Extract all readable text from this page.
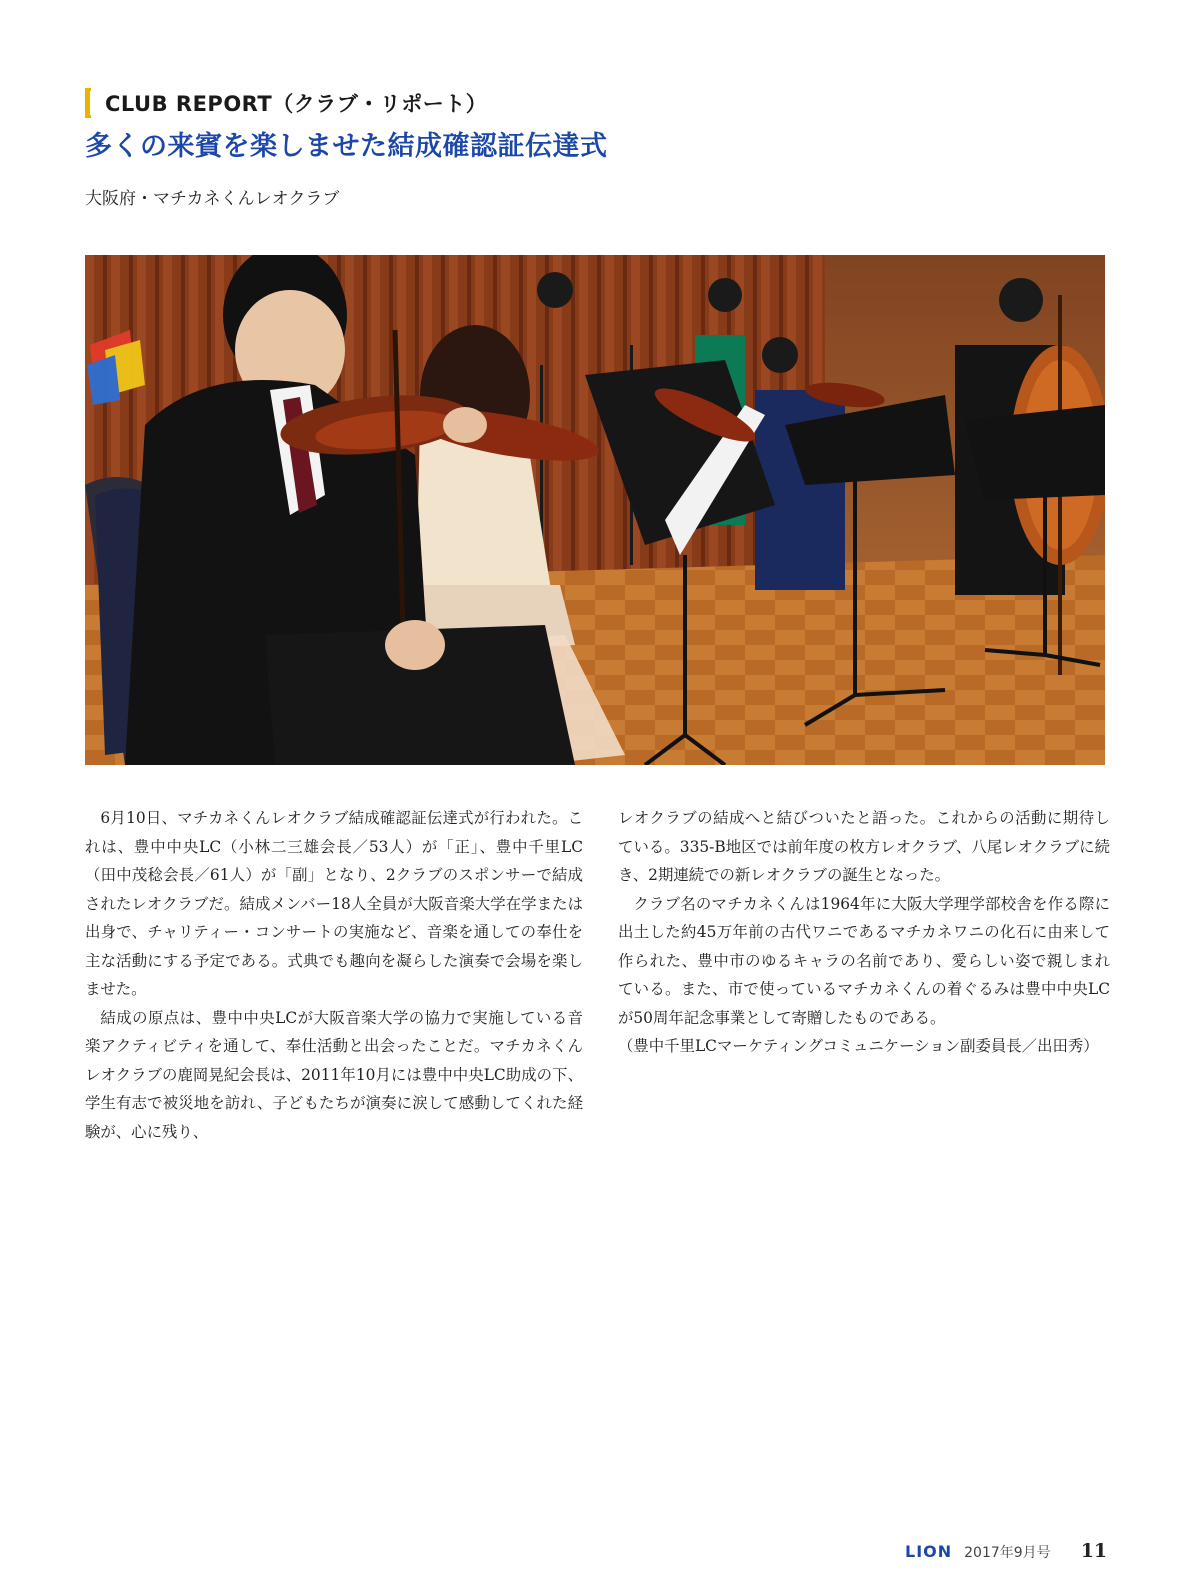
CLUB REPORT（クラブ・リポート）
多くの来賓を楽しませた結成確認証伝達式
大阪府・マチカネくんレオクラブ

6月10日、マチカネくんレオクラブ結成確認証伝達式が行われた。これは、豊中中央LC（小林二三雄会長／53人）が「正」、豊中千里LC（田中茂稔会長／61人）が「副」となり、2クラブのスポンサーで結成されたレオクラブだ。結成メンバー18人全員が大阪音楽大学在学または出身で、チャリティー・コンサートの実施など、音楽を通しての奉仕を主な活動にする予定である。式典でも趣向を凝らした演奏で会場を楽しませた。

結成の原点は、豊中中央LCが大阪音楽大学の協力で実施している音楽アクティビティを通して、奉仕活動と出会ったことだ。マチカネくんレオクラブの鹿岡晃紀会長は、2011年10月には豊中中央LC助成の下、学生有志で被災地を訪れ、子どもたちが演奏に涙して感動してくれた経験が、心に残り、

レオクラブの結成へと結びついたと語った。これからの活動に期待している。335‐B地区では前年度の枚方レオクラブ、八尾レオクラブに続き、2期連続での新レオクラブの誕生となった。

クラブ名のマチカネくんは1964年に大阪大学理学部校舎を作る際に出土した約45万年前の古代ワニであるマチカネワニの化石に由来して作られた、豊中市のゆるキャラの名前であり、愛らしい姿で親しまれている。また、市で使っているマチカネくんの着ぐるみは豊中中央LCが50周年記念事業として寄贈したものである。

（豊中千里LCマーケティングコミュニケーション副委員長／出田秀）

LION 2017年9月号 11
